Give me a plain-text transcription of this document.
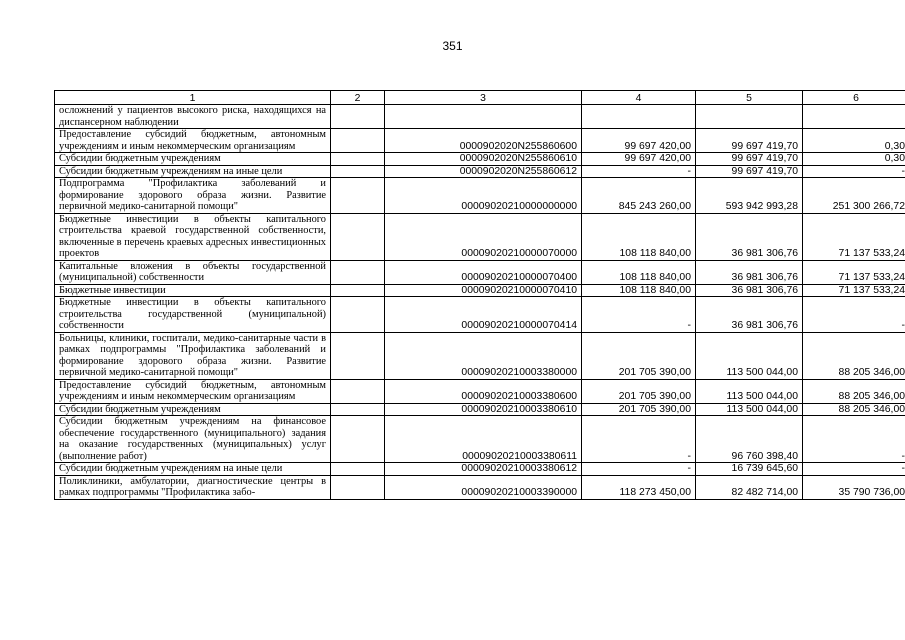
351
1	2	3	4	5	6
осложнений у пациентов высокого риска, находящихся на диспансерном наблюдении					
Предоставление субсидий бюджетным, автономным учреждениям и иным некоммерческим организациям		0000902020N255860600	99 697 420,00	99 697 419,70	0,30
Субсидии бюджетным учреждениям		0000902020N255860610	99 697 420,00	99 697 419,70	0,30
Субсидии бюджетным учреждениям на иные цели		0000902020N255860612	-	99 697 419,70	-
Подпрограмма "Профилактика заболеваний и формирование здорового образа жизни. Развитие первичной медико-санитарной помощи"		00009020210000000000	845 243 260,00	593 942 993,28	251 300 266,72
Бюджетные инвестиции в объекты капитального строительства краевой государственной собственности, включенные в перечень краевых адресных инвестиционных проектов		00009020210000070000	108 118 840,00	36 981 306,76	71 137 533,24
Капитальные вложения в объекты государственной (муниципальной) собственности		00009020210000070400	108 118 840,00	36 981 306,76	71 137 533,24
Бюджетные инвестиции		00009020210000070410	108 118 840,00	36 981 306,76	71 137 533,24
Бюджетные инвестиции в объекты капитального строительства государственной (муниципальной) собственности		00009020210000070414	-	36 981 306,76	-
Больницы, клиники, госпитали, медико-санитарные части в рамках подпрограммы "Профилактика заболеваний и формирование здорового образа жизни. Развитие первичной медико-санитарной помощи"		00009020210003380000	201 705 390,00	113 500 044,00	88 205 346,00
Предоставление субсидий бюджетным, автономным учреждениям и иным некоммерческим организациям		00009020210003380600	201 705 390,00	113 500 044,00	88 205 346,00
Субсидии бюджетным учреждениям		00009020210003380610	201 705 390,00	113 500 044,00	88 205 346,00
Субсидии бюджетным учреждениям на финансовое обеспечение государственного (муниципального) задания на оказание государственных (муниципальных) услуг (выполнение работ)		00009020210003380611	-	96 760 398,40	-
Субсидии бюджетным учреждениям на иные цели		00009020210003380612	-	16 739 645,60	-
Поликлиники, амбулатории, диагностические центры в рамках подпрограммы "Профилактика забо-		00009020210003390000	118 273 450,00	82 482 714,00	35 790 736,00
